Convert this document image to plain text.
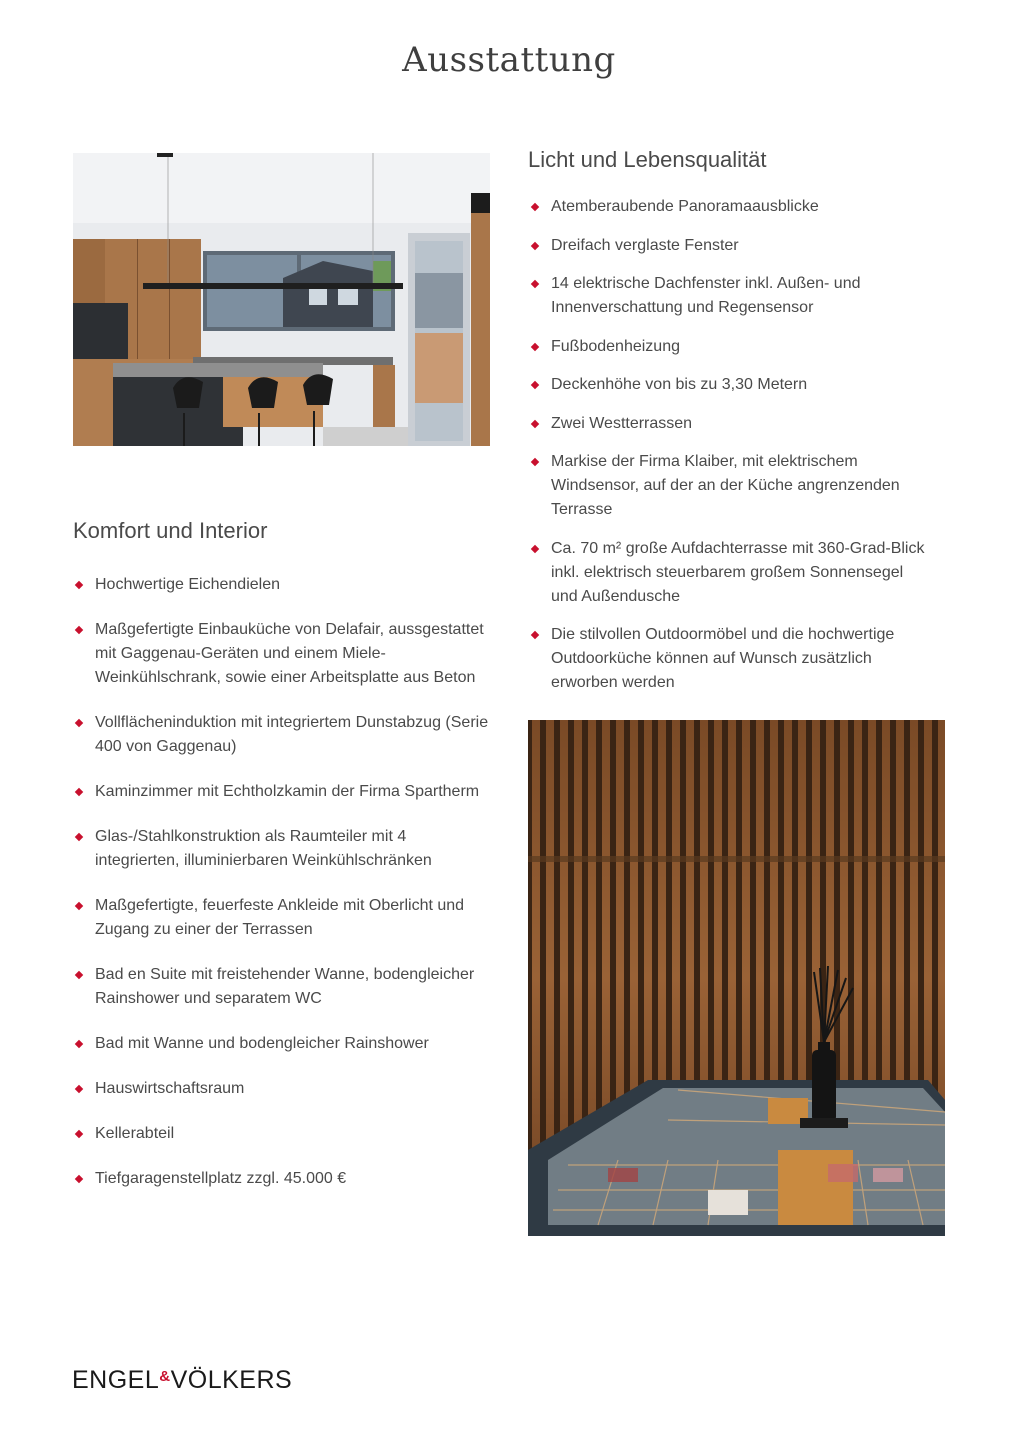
Ausstattung
Komfort und Interior
Hochwertige Eichendielen
Maßgefertigte Einbauküche von Delafair, aussgestattet mit Gaggenau-Geräten und einem Miele-Weinkühlschrank, sowie einer Arbeitsplatte aus Beton
Vollflächeninduktion mit integriertem Dunstabzug (Serie 400 von Gaggenau)
Kaminzimmer mit Echtholzkamin der Firma Spartherm
Glas-/Stahlkonstruktion als Raumteiler mit 4 integrierten, illuminierbaren Weinkühlschränken
Maßgefertigte, feuerfeste Ankleide mit Oberlicht und Zugang zu einer der Terrassen
Bad en Suite mit freistehender Wanne, bodengleicher Rainshower und separatem WC
Bad mit Wanne und bodengleicher Rainshower
Hauswirtschaftsraum
Kellerabteil
Tiefgaragenstellplatz zzgl. 45.000 €
Licht und Lebensqualität
Atemberaubende Panoramaausblicke
Dreifach verglaste Fenster
14 elektrische Dachfenster inkl. Außen- und Innenverschattung und Regensensor
Fußbodenheizung
Deckenhöhe von bis zu 3,30 Metern
Zwei Westterrassen
Markise der Firma Klaiber, mit elektrischem Windsensor, auf der an der Küche angrenzenden Terrasse
Ca. 70 m² große Aufdachterrasse mit 360-Grad-Blick inkl. elektrisch steuerbarem großem Sonnensegel und Außendusche
Die stilvollen Outdoormöbel und die hochwertige Outdoorküche können auf Wunsch zusätzlich erworben werden
ENGEL&VÖLKERS
